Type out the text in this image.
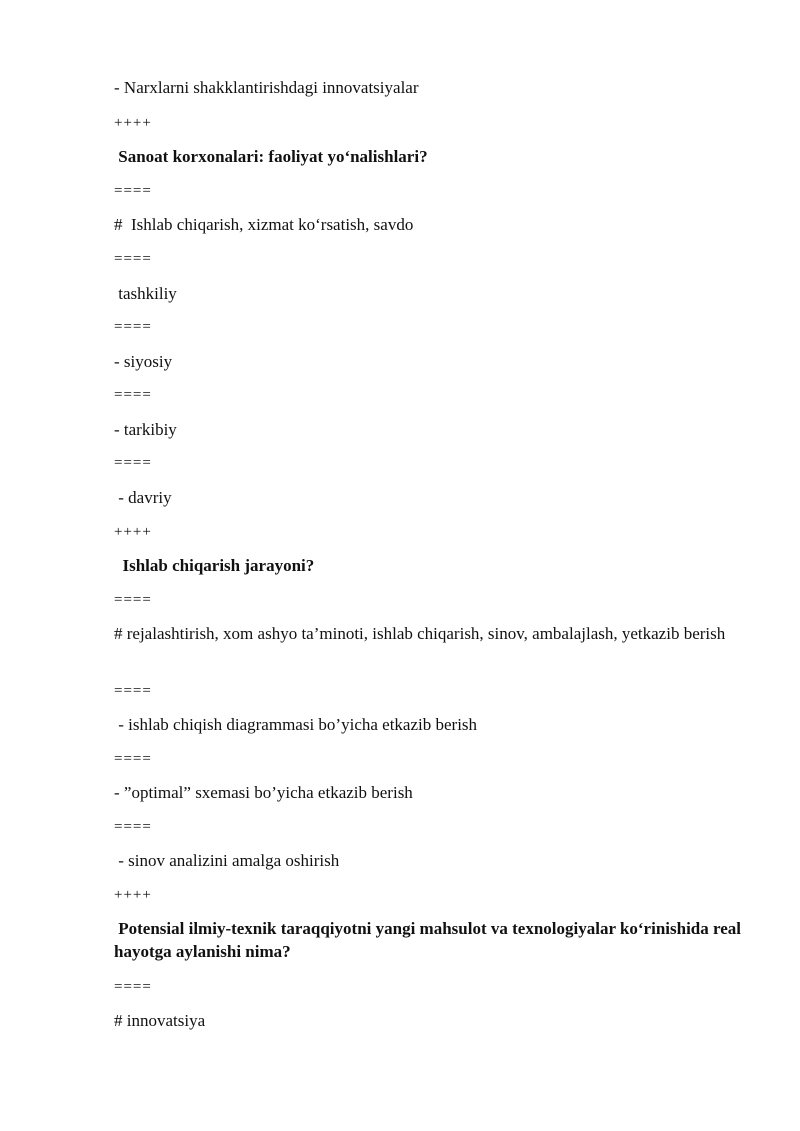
- Narxlarni shakklantirishdagi innovatsiyalar
++++
Sanoat korxonalari: faoliyat yo‘nalishlari?
====
#  Ishlab chiqarish, xizmat ko‘rsatish, savdo
====
tashkiliy
====
- siyosiy
====
- tarkibiy
====
- davriy
++++
Ishlab chiqarish jarayoni?
====
# rejalashtirish, xom ashyo ta’minoti, ishlab chiqarish, sinov, ambalajlash, yetkazib berish
====
- ishlab chiqish diagrammasi bo’yicha etkazib berish
====
- ”optimal” sxemasi bo’yicha etkazib berish
====
- sinov analizini amalga oshirish
++++
Potensial ilmiy-texnik taraqqiyotni yangi mahsulot va texnologiyalar ko‘rinishida real hayotga aylanishi nima?
====
# innovatsiya
